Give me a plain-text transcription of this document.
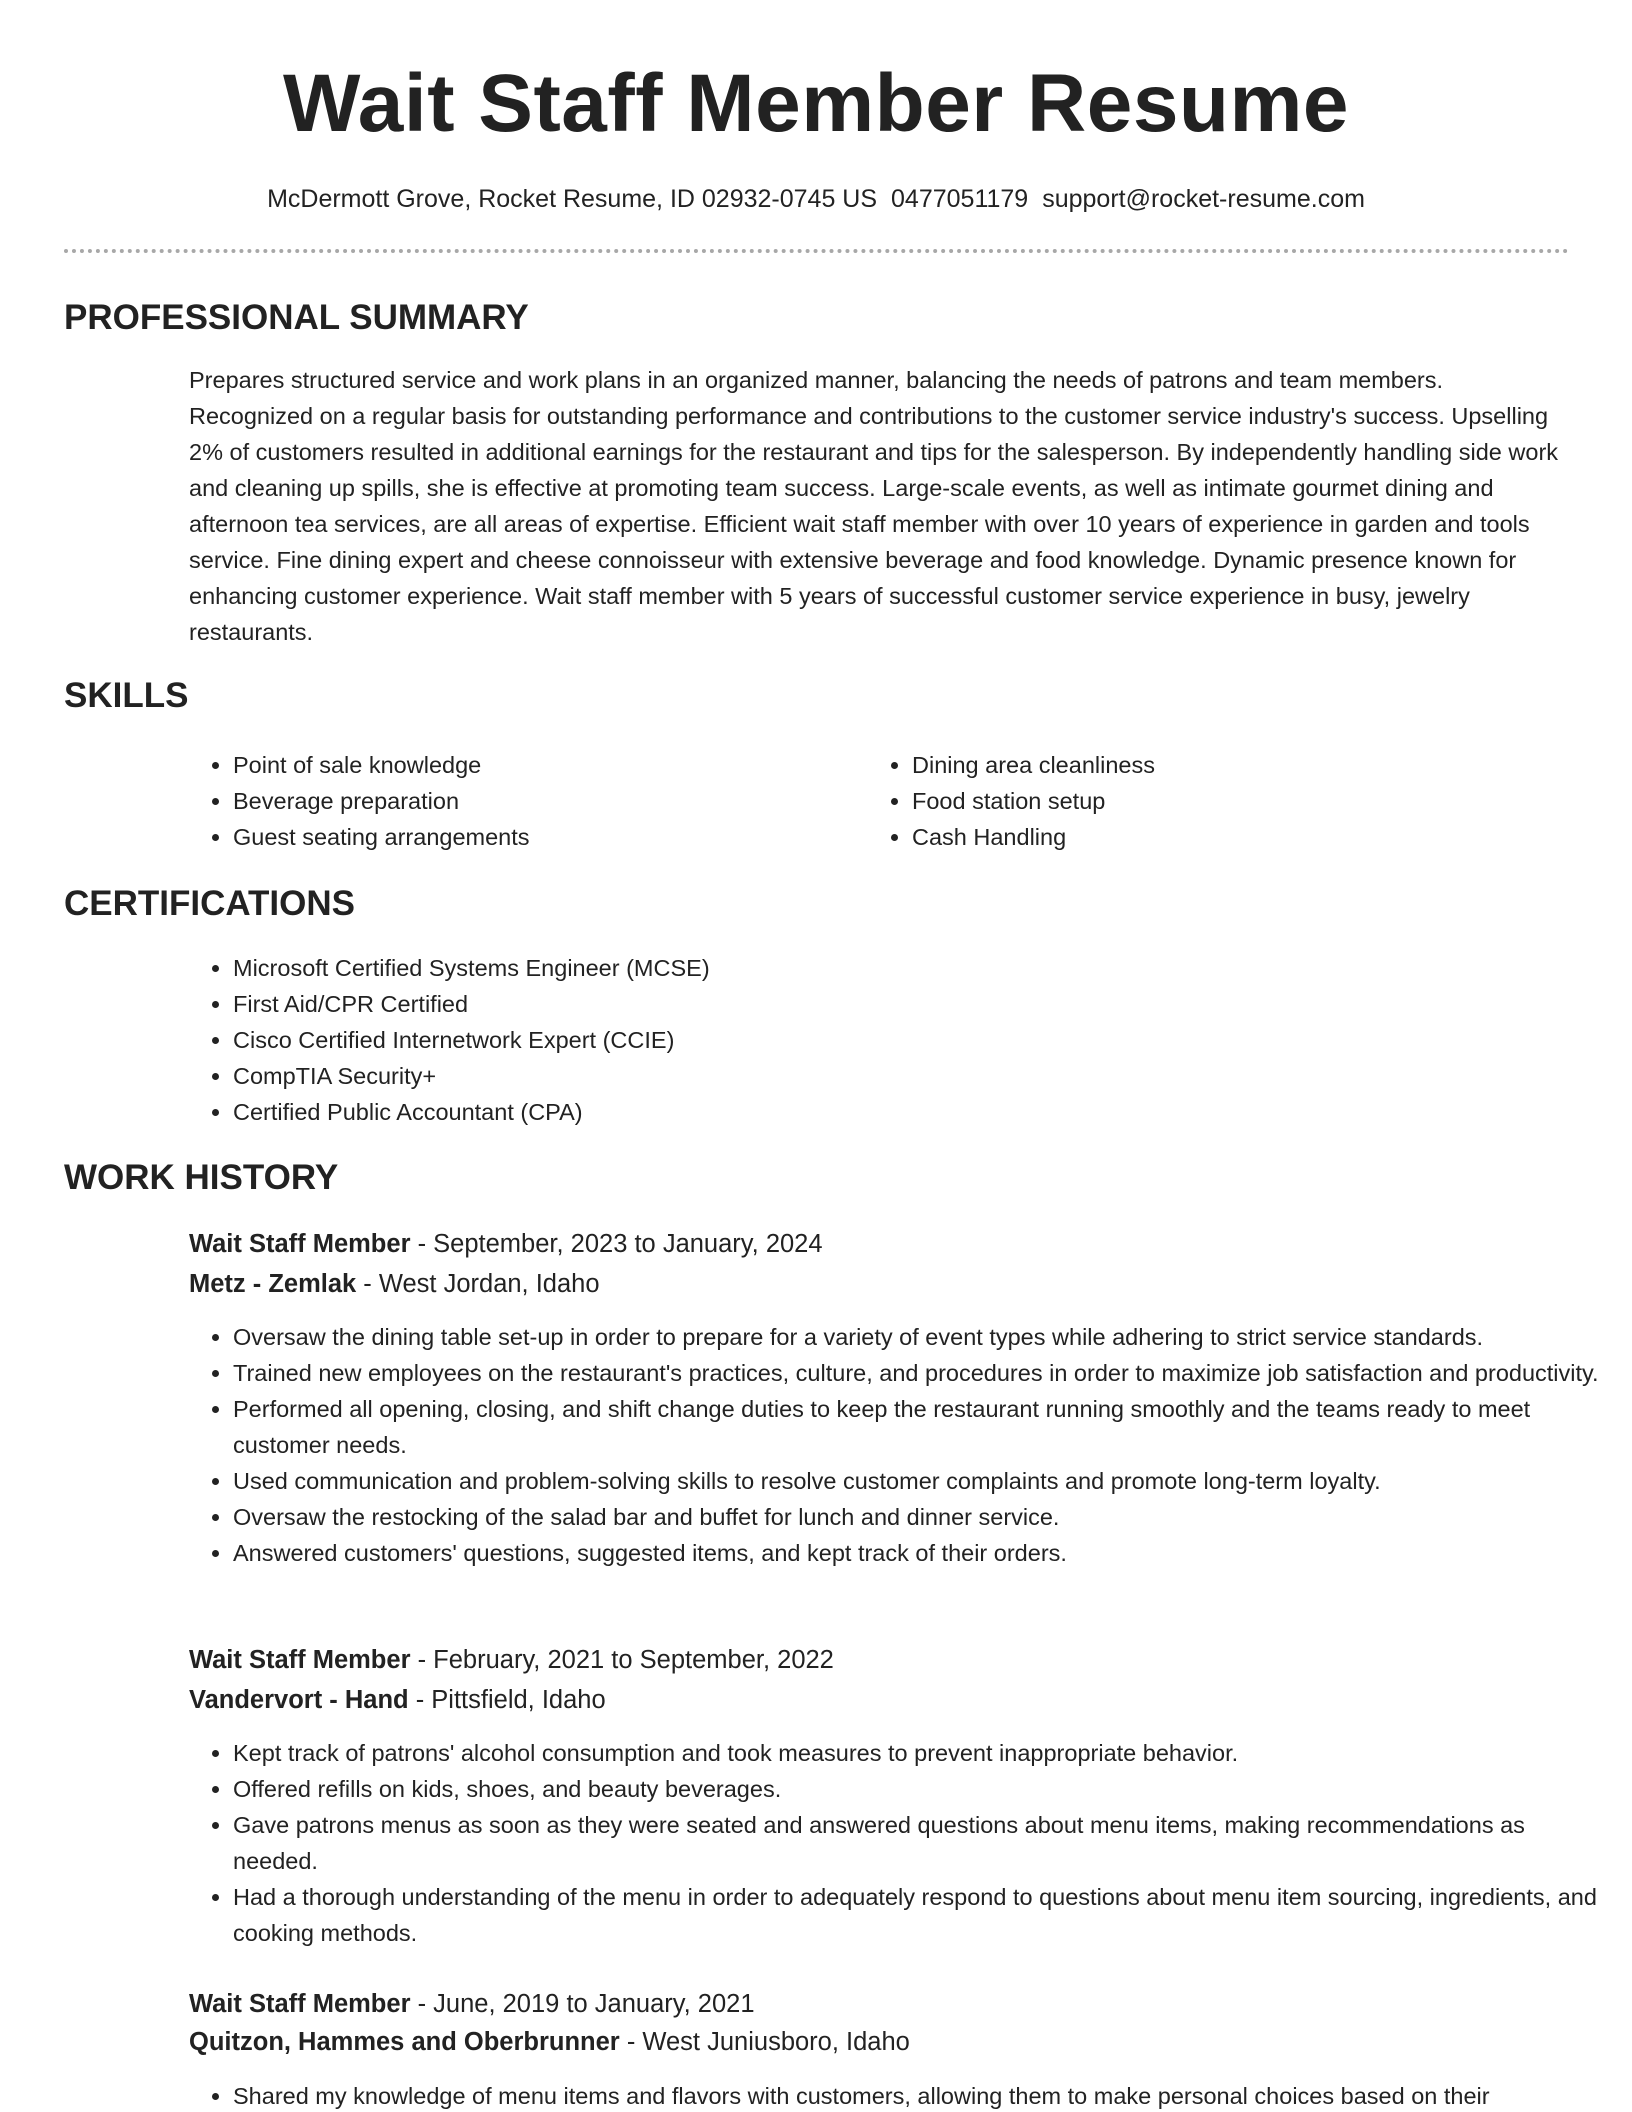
Wait Staff Member Resume
McDermott Grove, Rocket Resume, ID 02932-0745 US 0477051179 support@rocket-resume.com
PROFESSIONAL SUMMARY
Prepares structured service and work plans in an organized manner, balancing the needs of patrons and team members. Recognized on a regular basis for outstanding performance and contributions to the customer service industry's success. Upselling 2% of customers resulted in additional earnings for the restaurant and tips for the salesperson. By independently handling side work and cleaning up spills, she is effective at promoting team success. Large-scale events, as well as intimate gourmet dining and afternoon tea services, are all areas of expertise. Efficient wait staff member with over 10 years of experience in garden and tools service. Fine dining expert and cheese connoisseur with extensive beverage and food knowledge. Dynamic presence known for enhancing customer experience. Wait staff member with 5 years of successful customer service experience in busy, jewelry restaurants.
SKILLS
• Point of sale knowledge
• Beverage preparation
• Guest seating arrangements
• Dining area cleanliness
• Food station setup
• Cash Handling
CERTIFICATIONS
• Microsoft Certified Systems Engineer (MCSE)
• First Aid/CPR Certified
• Cisco Certified Internetwork Expert (CCIE)
• CompTIA Security+
• Certified Public Accountant (CPA)
WORK HISTORY
Wait Staff Member - September, 2023 to January, 2024
Metz - Zemlak - West Jordan, Idaho
• Oversaw the dining table set-up in order to prepare for a variety of event types while adhering to strict service standards.
• Trained new employees on the restaurant's practices, culture, and procedures in order to maximize job satisfaction and productivity.
• Performed all opening, closing, and shift change duties to keep the restaurant running smoothly and the teams ready to meet customer needs.
• Used communication and problem-solving skills to resolve customer complaints and promote long-term loyalty.
• Oversaw the restocking of the salad bar and buffet for lunch and dinner service.
• Answered customers' questions, suggested items, and kept track of their orders.
Wait Staff Member - February, 2021 to September, 2022
Vandervort - Hand - Pittsfield, Idaho
• Kept track of patrons' alcohol consumption and took measures to prevent inappropriate behavior.
• Offered refills on kids, shoes, and beauty beverages.
• Gave patrons menus as soon as they were seated and answered questions about menu items, making recommendations as needed.
• Had a thorough understanding of the menu in order to adequately respond to questions about menu item sourcing, ingredients, and cooking methods.
Wait Staff Member - June, 2019 to January, 2021
Quitzon, Hammes and Oberbrunner - West Juniusboro, Idaho
• Shared my knowledge of menu items and flavors with customers, allowing them to make personal choices based on their
